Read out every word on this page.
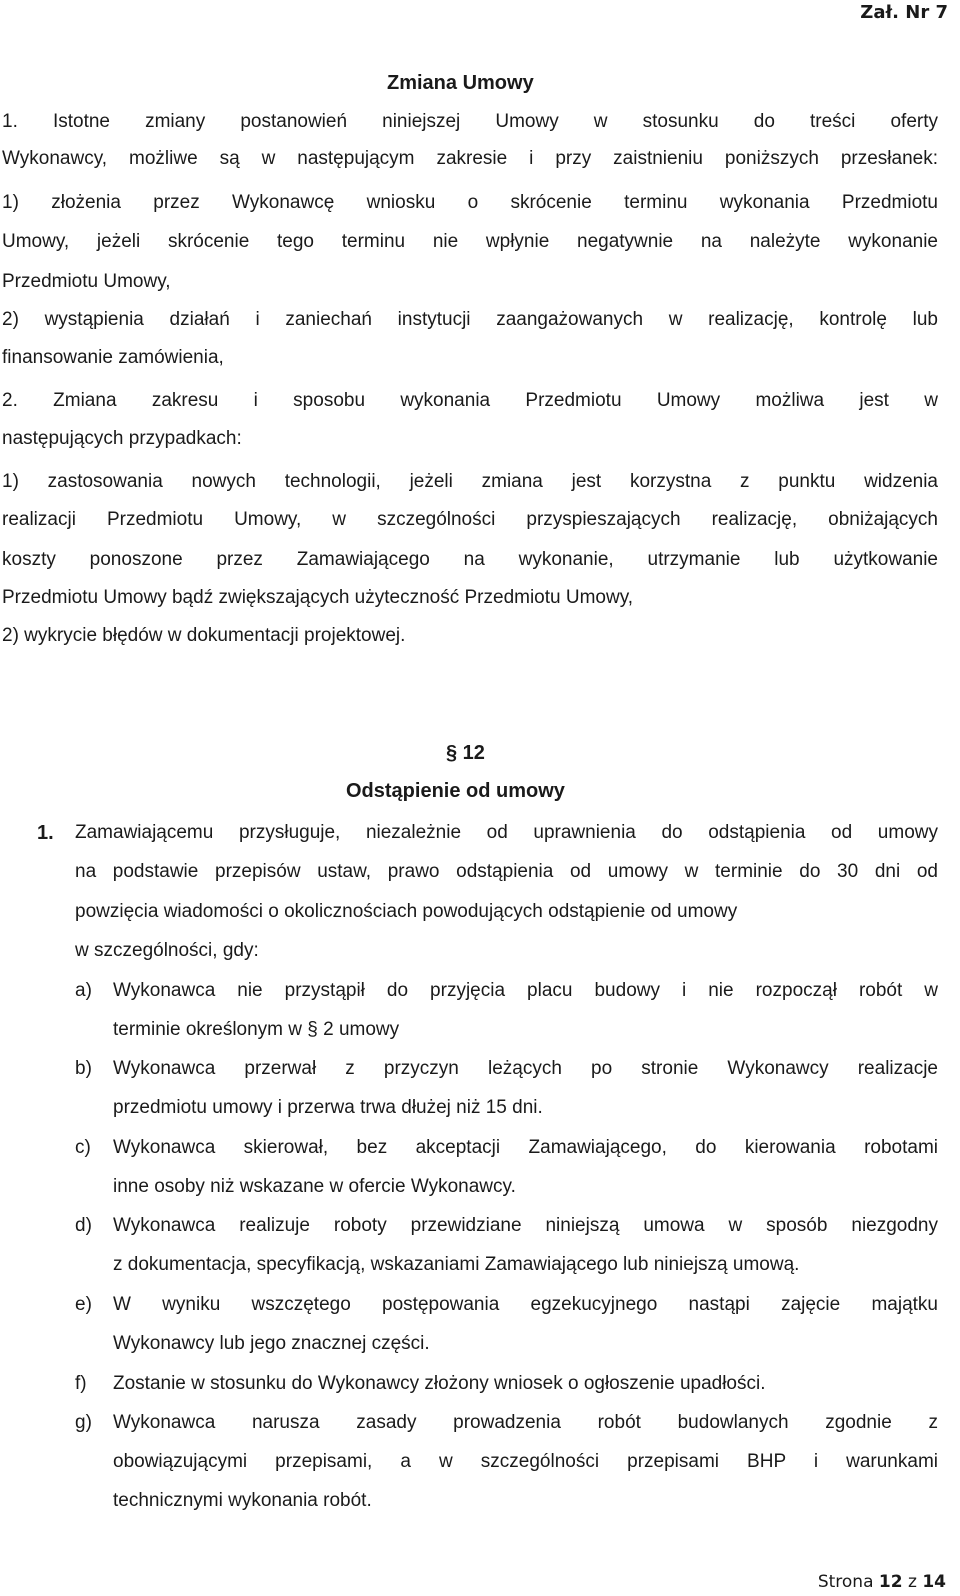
Zał. Nr 7
Zmiana Umowy
1. Istotne zmiany postanowień niniejszej Umowy w stosunku do treści oferty
Wykonawcy, możliwe są w następującym zakresie i przy zaistnieniu poniższych przesłanek:
1) złożenia przez Wykonawcę wniosku o skrócenie terminu wykonania Przedmiotu
Umowy, jeżeli skrócenie tego terminu nie wpłynie negatywnie na należyte wykonanie
Przedmiotu Umowy,
2) wystąpienia działań i zaniechań instytucji zaangażowanych w realizację, kontrolę lub
finansowanie zamówienia,
2. Zmiana zakresu i sposobu wykonania Przedmiotu Umowy możliwa jest w
następujących przypadkach:
1) zastosowania nowych technologii, jeżeli zmiana jest korzystna z punktu widzenia
realizacji Przedmiotu Umowy, w szczególności przyspieszających realizację, obniżających
koszty ponoszone przez Zamawiającego na wykonanie, utrzymanie lub użytkowanie
Przedmiotu Umowy bądź zwiększających użyteczność Przedmiotu Umowy,
2) wykrycie błędów w dokumentacji projektowej.
§ 12
Odstąpienie od umowy
1. Zamawiającemu przysługuje, niezależnie od uprawnienia do odstąpienia od umowy
na podstawie przepisów ustaw, prawo odstąpienia od umowy w terminie do 30 dni od
powzięcia wiadomości o okolicznościach powodujących odstąpienie od umowy
w szczególności, gdy:
a) Wykonawca nie przystąpił do przyjęcia placu budowy i nie rozpoczął robót w
terminie określonym w § 2 umowy
b) Wykonawca przerwał z przyczyn leżących po stronie Wykonawcy realizacje
przedmiotu umowy i przerwa trwa dłużej niż 15 dni.
c) Wykonawca skierował, bez akceptacji Zamawiającego, do kierowania robotami
inne osoby niż wskazane w ofercie Wykonawcy.
d) Wykonawca realizuje roboty przewidziane niniejszą umowa w sposób niezgodny
z dokumentacja, specyfikacją, wskazaniami Zamawiającego lub niniejszą umową.
e) W wyniku wszczętego postępowania egzekucyjnego nastąpi zajęcie majątku
Wykonawcy lub jego znacznej części.
f) Zostanie w stosunku do Wykonawcy złożony wniosek o ogłoszenie upadłości.
g) Wykonawca narusza zasady prowadzenia robót budowlanych zgodnie z
obowiązującymi przepisami, a w szczególności przepisami BHP i warunkami
technicznymi wykonania robót.
Strona 12 z 14
